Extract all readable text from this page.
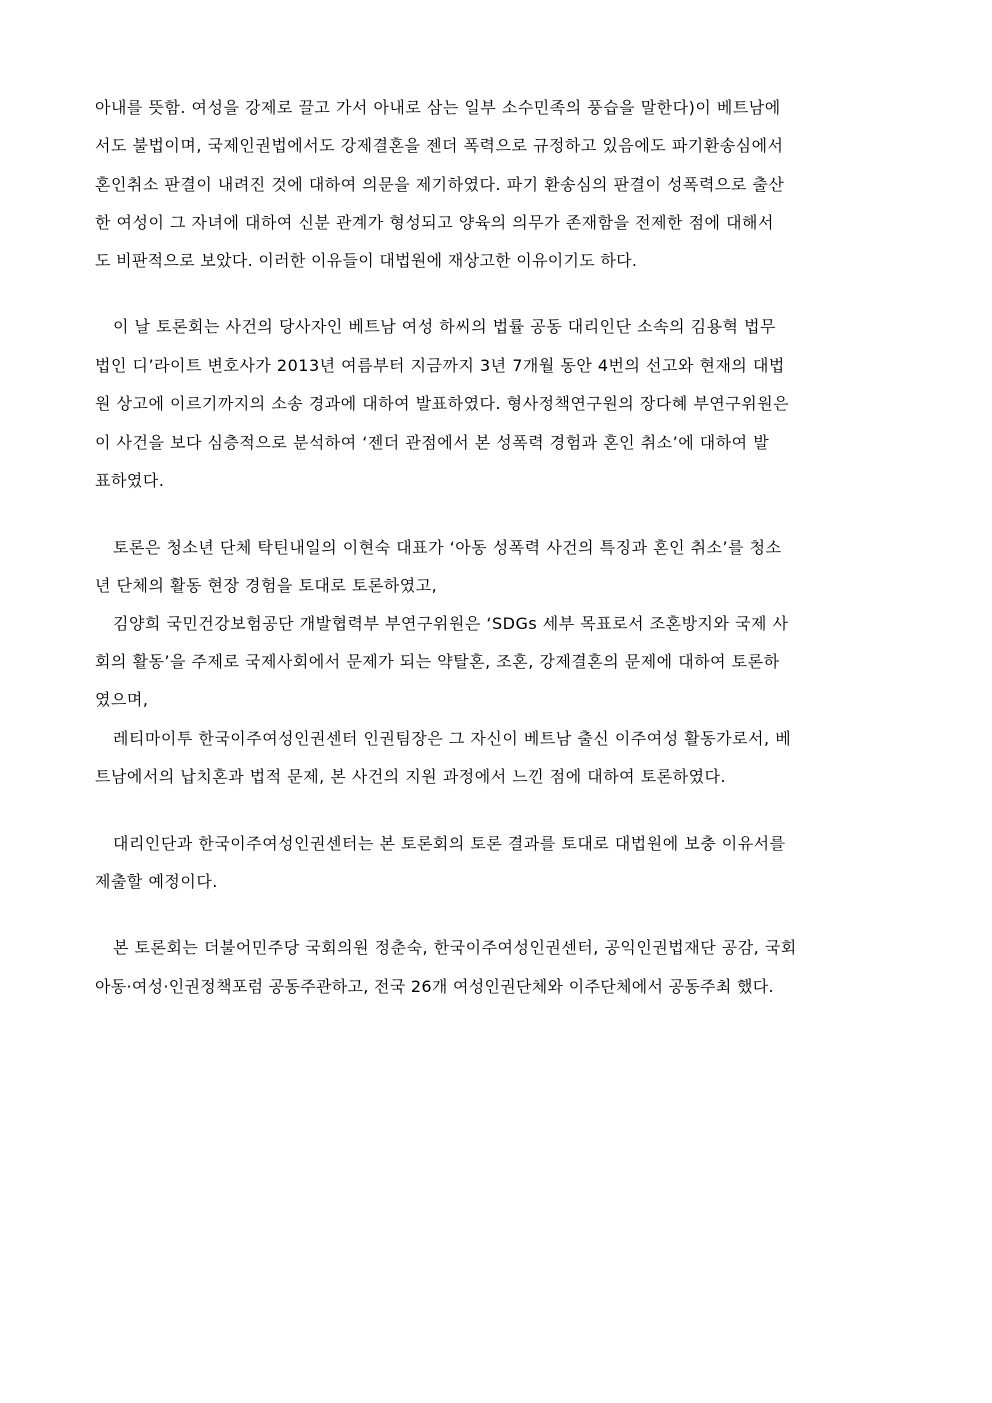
아내를 뜻함. 여성을 강제로 끌고 가서 아내로 삼는 일부 소수민족의 풍습을 말한다)이 베트남에
서도 불법이며, 국제인권법에서도 강제결혼을 젠더 폭력으로 규정하고 있음에도 파기환송심에서
혼인취소 판결이 내려진 것에 대하여 의문을 제기하였다. 파기 환송심의 판결이 성폭력으로 출산
한 여성이 그 자녀에 대하여 신분 관계가 형성되고 양육의 의무가 존재함을 전제한 점에 대해서
도 비판적으로 보았다. 이러한 이유들이 대법원에 재상고한 이유이기도 하다.
이 날 토론회는 사건의 당사자인 베트남 여성 하씨의 법률 공동 대리인단 소속의 김용혁 법무
법인 디’라이트 변호사가 2013년 여름부터 지금까지 3년 7개월 동안 4번의 선고와 현재의 대법
원 상고에 이르기까지의 소송 경과에 대하여 발표하였다. 형사정책연구원의 장다혜 부연구위원은
이 사건을 보다 심층적으로 분석하여 ‘젠더 관점에서 본 성폭력 경험과 혼인 취소’에 대하여 발
표하였다.
토론은 청소년 단체 탁틴내일의 이현숙 대표가 ‘아동 성폭력 사건의 특징과 혼인 취소’를 청소
년 단체의 활동 현장 경험을 토대로 토론하였고,
김양희 국민건강보험공단 개발협력부 부연구위원은 ‘SDGs 세부 목표로서 조혼방지와 국제 사
회의 활동’을 주제로 국제사회에서 문제가 되는 약탈혼, 조혼, 강제결혼의 문제에 대하여 토론하
였으며,
레티마이투 한국이주여성인권센터 인권팀장은 그 자신이 베트남 출신 이주여성 활동가로서, 베
트남에서의 납치혼과 법적 문제, 본 사건의 지원 과정에서 느낀 점에 대하여 토론하였다.
대리인단과 한국이주여성인권센터는 본 토론회의 토론 결과를 토대로 대법원에 보충 이유서를
제출할 예정이다.
본 토론회는 더불어민주당 국회의원 정춘숙, 한국이주여성인권센터, 공익인권법재단 공감, 국회
아동·여성·인권정책포럼 공동주관하고, 전국 26개 여성인권단체와 이주단체에서 공동주최 했다.
